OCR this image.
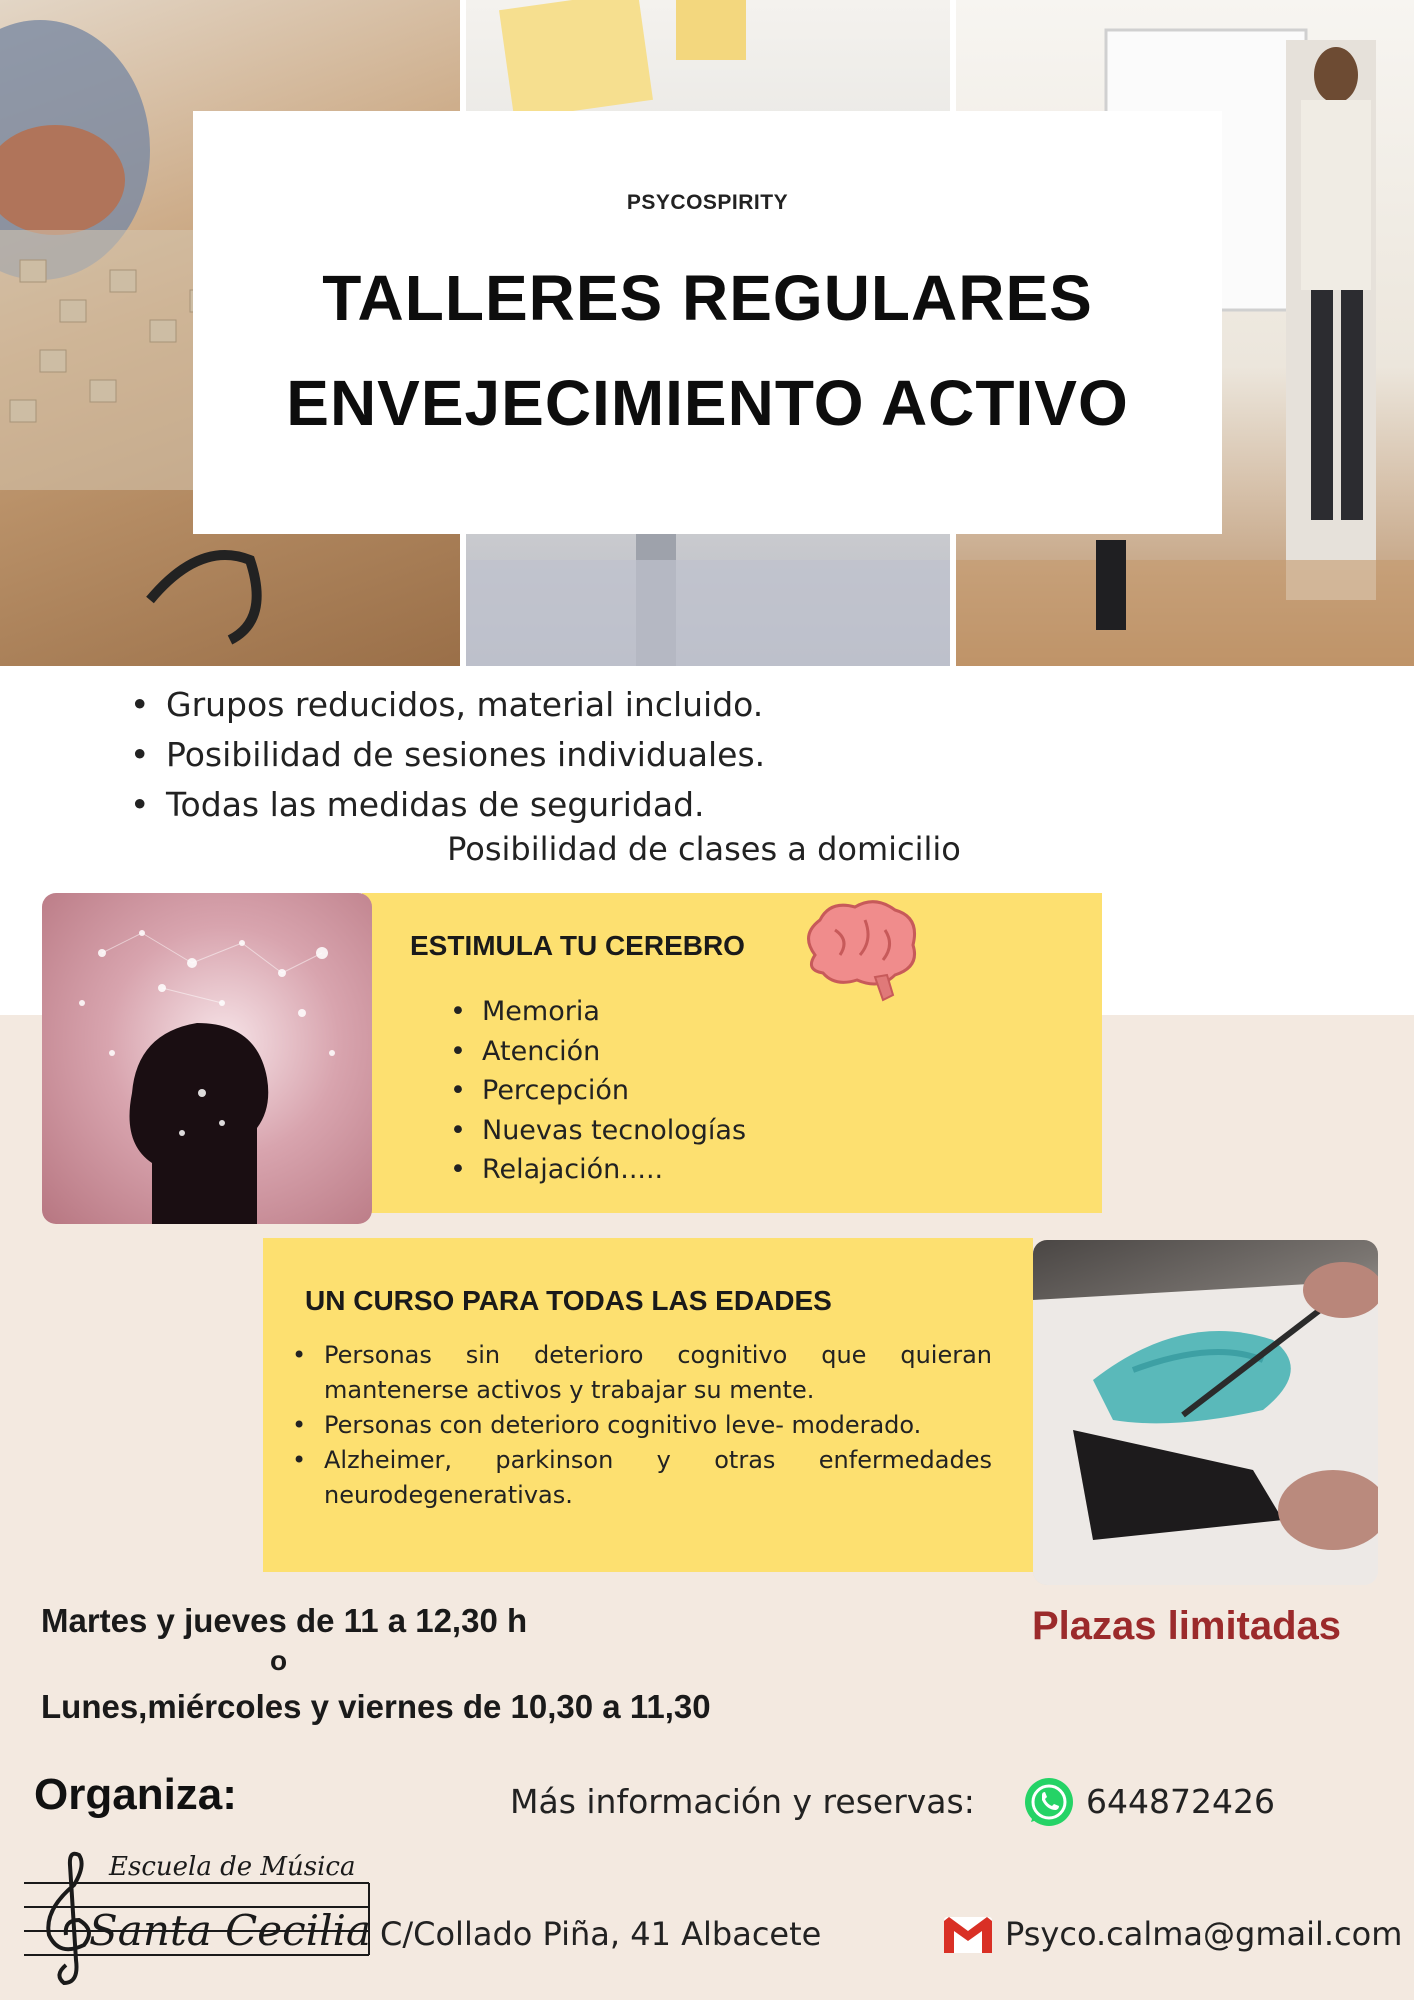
PSYCOSPIRITY
TALLERES REGULARES
ENVEJECIMIENTO ACTIVO
• Grupos reducidos, material incluido.
• Posibilidad de sesiones individuales.
• Todas las medidas de seguridad.
Posibilidad de clases a domicilio
ESTIMULA TU CEREBRO
• Memoria
• Atención
• Percepción
• Nuevas tecnologías
• Relajación.....
UN CURSO PARA TODAS LAS EDADES
• Personas sin deterioro cognitivo que quieran mantenerse activos y trabajar su mente.
• Personas con deterioro cognitivo leve- moderado.
• Alzheimer, parkinson y otras enfermedades neurodegenerativas.
Martes y jueves de 11 a 12,30 h
o
Lunes,miércoles y viernes de 10,30 a 11,30
Plazas limitadas
Organiza:	Más información y reservas:	644872426
Escuela de Música
Santa Cecilia C/Collado Piña, 41 Albacete	Psyco.calma@gmail.com
